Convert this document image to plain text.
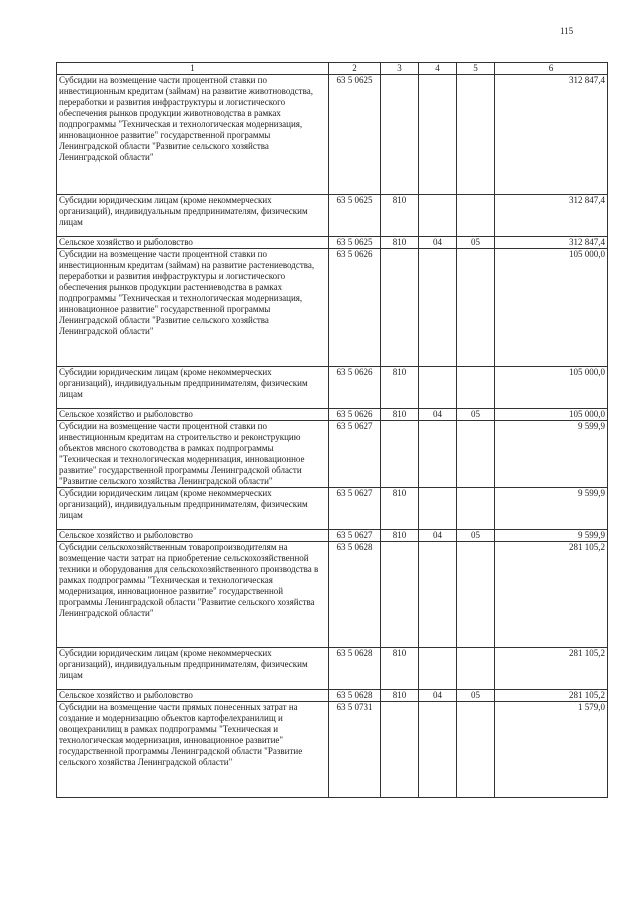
115
1	2	3	4	5	6
Субсидии на возмещение части процентной ставки по инвестиционным кредитам (займам) на развитие животноводства, переработки и развития инфраструктуры и логистического обеспечения рынков продукции животноводства в рамках подпрограммы "Техническая и технологическая модернизация, инновационное развитие" государственной программы Ленинградской области "Развитие сельского хозяйства Ленинградской области"	63 5 0625				312 847,4
Субсидии юридическим лицам (кроме некоммерческих организаций), индивидуальным предпринимателям, физическим лицам	63 5 0625	810			312 847,4
Сельское хозяйство и рыболовство	63 5 0625	810	04	05	312 847,4
Субсидии на возмещение части процентной ставки по инвестиционным кредитам (займам) на развитие растениеводства, переработки и развития инфраструктуры и логистического обеспечения рынков продукции растениеводства в рамках подпрограммы "Техническая и технологическая модернизация, инновационное развитие" государственной программы Ленинградской области "Развитие сельского хозяйства Ленинградской области"	63 5 0626				105 000,0
Субсидии юридическим лицам (кроме некоммерческих организаций), индивидуальным предпринимателям, физическим лицам	63 5 0626	810			105 000,0
Сельское хозяйство и рыболовство	63 5 0626	810	04	05	105 000,0
Субсидии на возмещение части процентной ставки по инвестиционным кредитам на строительство и реконструкцию объектов мясного скотоводства в рамках подпрограммы "Техническая и технологическая модернизация, инновационное развитие" государственной программы Ленинградской области "Развитие сельского хозяйства Ленинградской области"	63 5 0627				9 599,9
Субсидии юридическим лицам (кроме некоммерческих организаций), индивидуальным предпринимателям, физическим лицам	63 5 0627	810			9 599,9
Сельское хозяйство и рыболовство	63 5 0627	810	04	05	9 599,9
Субсидии сельскохозяйственным товаропроизводителям на возмещение части затрат на приобретение сельскохозяйственной техники и оборудования для сельскохозяйственного производства в рамках подпрограммы "Техническая и технологическая модернизация, инновационное развитие" государственной программы Ленинградской области "Развитие сельского хозяйства Ленинградской области"	63 5 0628				281 105,2
Субсидии юридическим лицам (кроме некоммерческих организаций), индивидуальным предпринимателям, физическим лицам	63 5 0628	810			281 105,2
Сельское хозяйство и рыболовство	63 5 0628	810	04	05	281 105,2
Субсидии на возмещение части прямых понесенных затрат на создание и модернизацию объектов картофелехранилищ и овощехранилищ в рамках подпрограммы "Техническая и технологическая модернизация, инновационное развитие" государственной программы Ленинградской области "Развитие сельского хозяйства Ленинградской области"	63 5 0731				1 579,0
